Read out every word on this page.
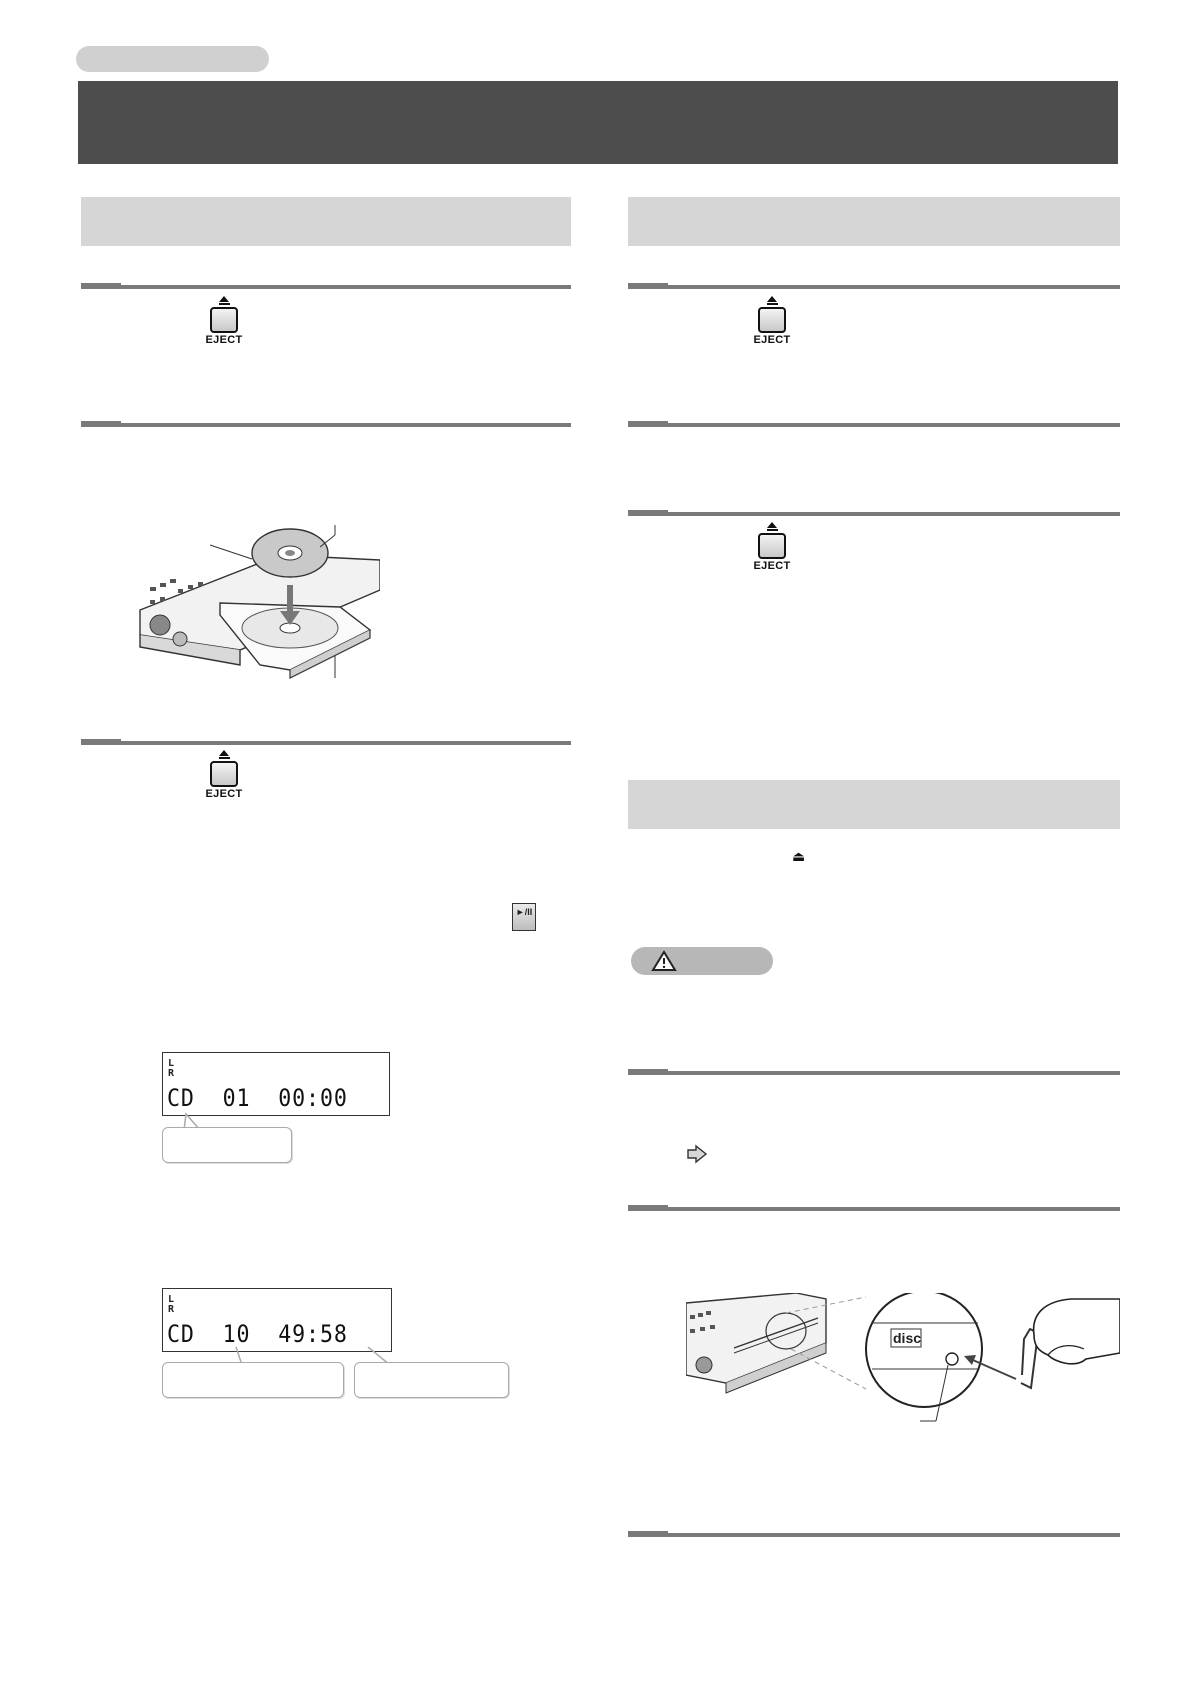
EJECT
EJECT
►/II
L
R
CD  01  00:00
L
R
CD  10  49:58
EJECT
EJECT
⏏
disc
